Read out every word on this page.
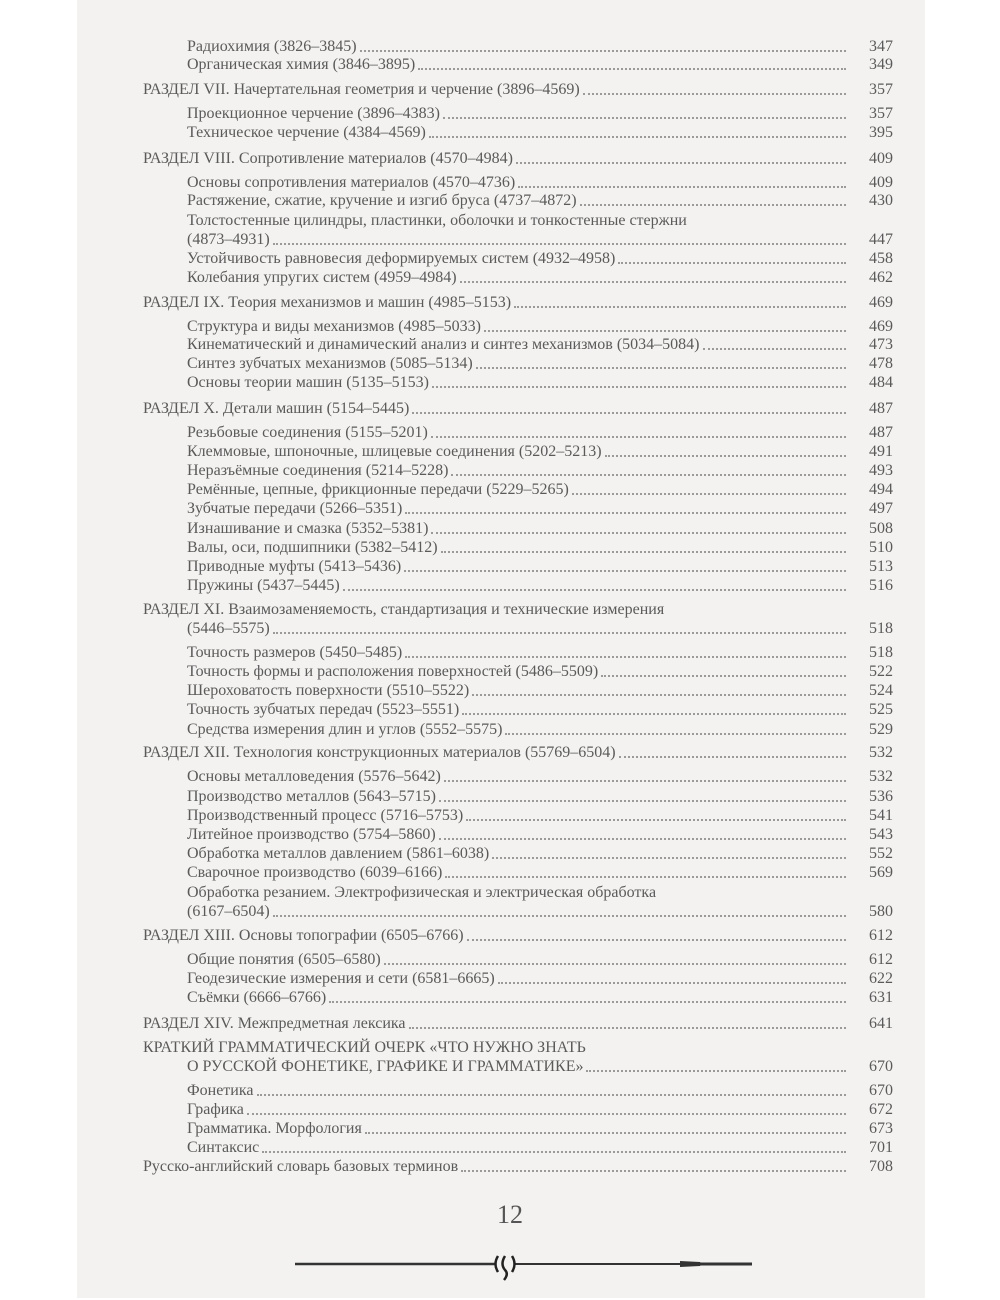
Радиохимия (3826–3845)	347
Органическая химия (3846–3895)	349
РАЗДЕЛ VII. Начертательная геометрия и черчение (3896–4569)	357
Проекционное черчение (3896–4383)	357
Техническое черчение (4384–4569)	395
РАЗДЕЛ VIII. Сопротивление материалов (4570–4984)	409
Основы сопротивления материалов (4570–4736)	409
Растяжение, сжатие, кручение и изгиб бруса (4737–4872)	430
Толстостенные цилиндры, пластинки, оболочки и тонкостенные стержни
(4873–4931)	447
Устойчивость равновесия деформируемых систем (4932–4958)	458
Колебания упругих систем (4959–4984)	462
РАЗДЕЛ IX. Теория механизмов и машин (4985–5153)	469
Структура и виды механизмов (4985–5033)	469
Кинематический и динамический анализ и синтез механизмов (5034–5084)	473
Синтез зубчатых механизмов (5085–5134)	478
Основы теории машин (5135–5153)	484
РАЗДЕЛ X. Детали машин (5154–5445)	487
Резьбовые соединения (5155–5201)	487
Клеммовые, шпоночные, шлицевые соединения (5202–5213)	491
Неразъёмные соединения (5214–5228)	493
Ремённые, цепные, фрикционные передачи (5229–5265)	494
Зубчатые передачи (5266–5351)	497
Изнашивание и смазка (5352–5381)	508
Валы, оси, подшипники (5382–5412)	510
Приводные муфты (5413–5436)	513
Пружины (5437–5445)	516
РАЗДЕЛ XI. Взаимозаменяемость, стандартизация и технические измерения
(5446–5575)	518
Точность размеров (5450–5485)	518
Точность формы и расположения поверхностей (5486–5509)	522
Шероховатость поверхности (5510–5522)	524
Точность зубчатых передач (5523–5551)	525
Средства измерения длин и углов (5552–5575)	529
РАЗДЕЛ XII. Технология конструкционных материалов (55769–6504)	532
Основы металловедения (5576–5642)	532
Производство металлов (5643–5715)	536
Производственный процесс (5716–5753)	541
Литейное производство (5754–5860)	543
Обработка металлов давлением (5861–6038)	552
Сварочное производство (6039–6166)	569
Обработка резанием. Электрофизическая и электрическая обработка
(6167–6504)	580
РАЗДЕЛ XIII. Основы топографии (6505–6766)	612
Общие понятия (6505–6580)	612
Геодезические измерения и сети (6581–6665)	622
Съёмки (6666–6766)	631
РАЗДЕЛ XIV. Межпредметная лексика	641
КРАТКИЙ ГРАММАТИЧЕСКИЙ ОЧЕРК «ЧТО НУЖНО ЗНАТЬ
О РУССКОЙ ФОНЕТИКЕ, ГРАФИКЕ И ГРАММАТИКЕ»	670
Фонетика	670
Графика	672
Грамматика. Морфология	673
Синтаксис	701
Русско-английский словарь базовых терминов	708
12
